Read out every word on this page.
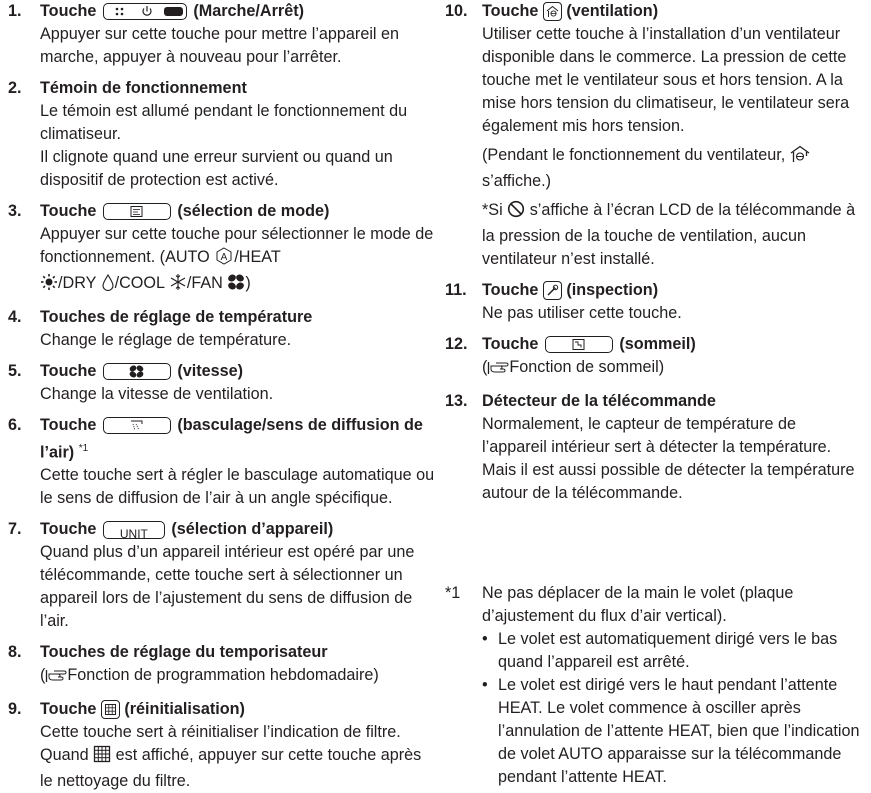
1. Touche	(Marche/Arrêt)
Appuyer sur cette touche pour mettre l’appareil en marche, appuyer à nouveau pour l’arrêter.
2. Témoin de fonctionnement
Le témoin est allumé pendant le fonctionnement du climatiseur.
Il clignote quand une erreur survient ou quand un dispositif de protection est activé.
3. Touche	(sélection de mode)
Appuyer sur cette touche pour sélectionner le mode de fonctionnement. (AUTO A /HEAT
/DRY /COOL /FAN )
4. Touches de réglage de température
Change le réglage de température.
5. Touche	(vitesse)
Change la vitesse de ventilation.
6. Touche	(basculage/sens de diffusion de l’air) $^{*1}$
Cette touche sert à régler le basculage automatique ou le sens de diffusion de l’air à un angle spécifique.
7. Touche UNIT (sélection d’appareil)
Quand plus d’un appareil intérieur est opéré par une télécommande, cette touche sert à sélectionner un appareil lors de l’ajustement du sens de diffusion de l’air.
8. Touches de réglage du temporisateur
( Fonction de programmation hebdomadaire)
9. Touche (réinitialisation)
Cette touche sert à réinitialiser l’indication de filtre. Quand est affiché, appuyer sur cette touche après le nettoyage du filtre.
10. Touche (ventilation)
Utiliser cette touche à l’installation d’un ventilateur disponible dans le commerce. La pression de cette touche met le ventilateur sous et hors tension. A la mise hors tension du climatiseur, le ventilateur sera également mis hors tension.
(Pendant le fonctionnement du ventilateur,  s’affiche.)
*Si s’affiche à l’écran LCD de la télécommande à la pression de la touche de ventilation, aucun ventilateur n’est installé.
11. Touche (inspection)
Ne pas utiliser cette touche.
12. Touche	(sommeil)
( Fonction de sommeil)
13. Détecteur de la télécommande
Normalement, le capteur de température de l’appareil intérieur sert à détecter la température. Mais il est aussi possible de détecter la température autour de la télécommande.
*1 Ne pas déplacer de la main le volet (plaque d’ajustement du flux d’air vertical).
• Le volet est automatiquement dirigé vers le bas quand l’appareil est arrêté.
• Le volet est dirigé vers le haut pendant l’attente HEAT. Le volet commence à osciller après l’annulation de l’attente HEAT, bien que l’indication de volet AUTO apparaisse sur la télécommande pendant l’attente HEAT.
